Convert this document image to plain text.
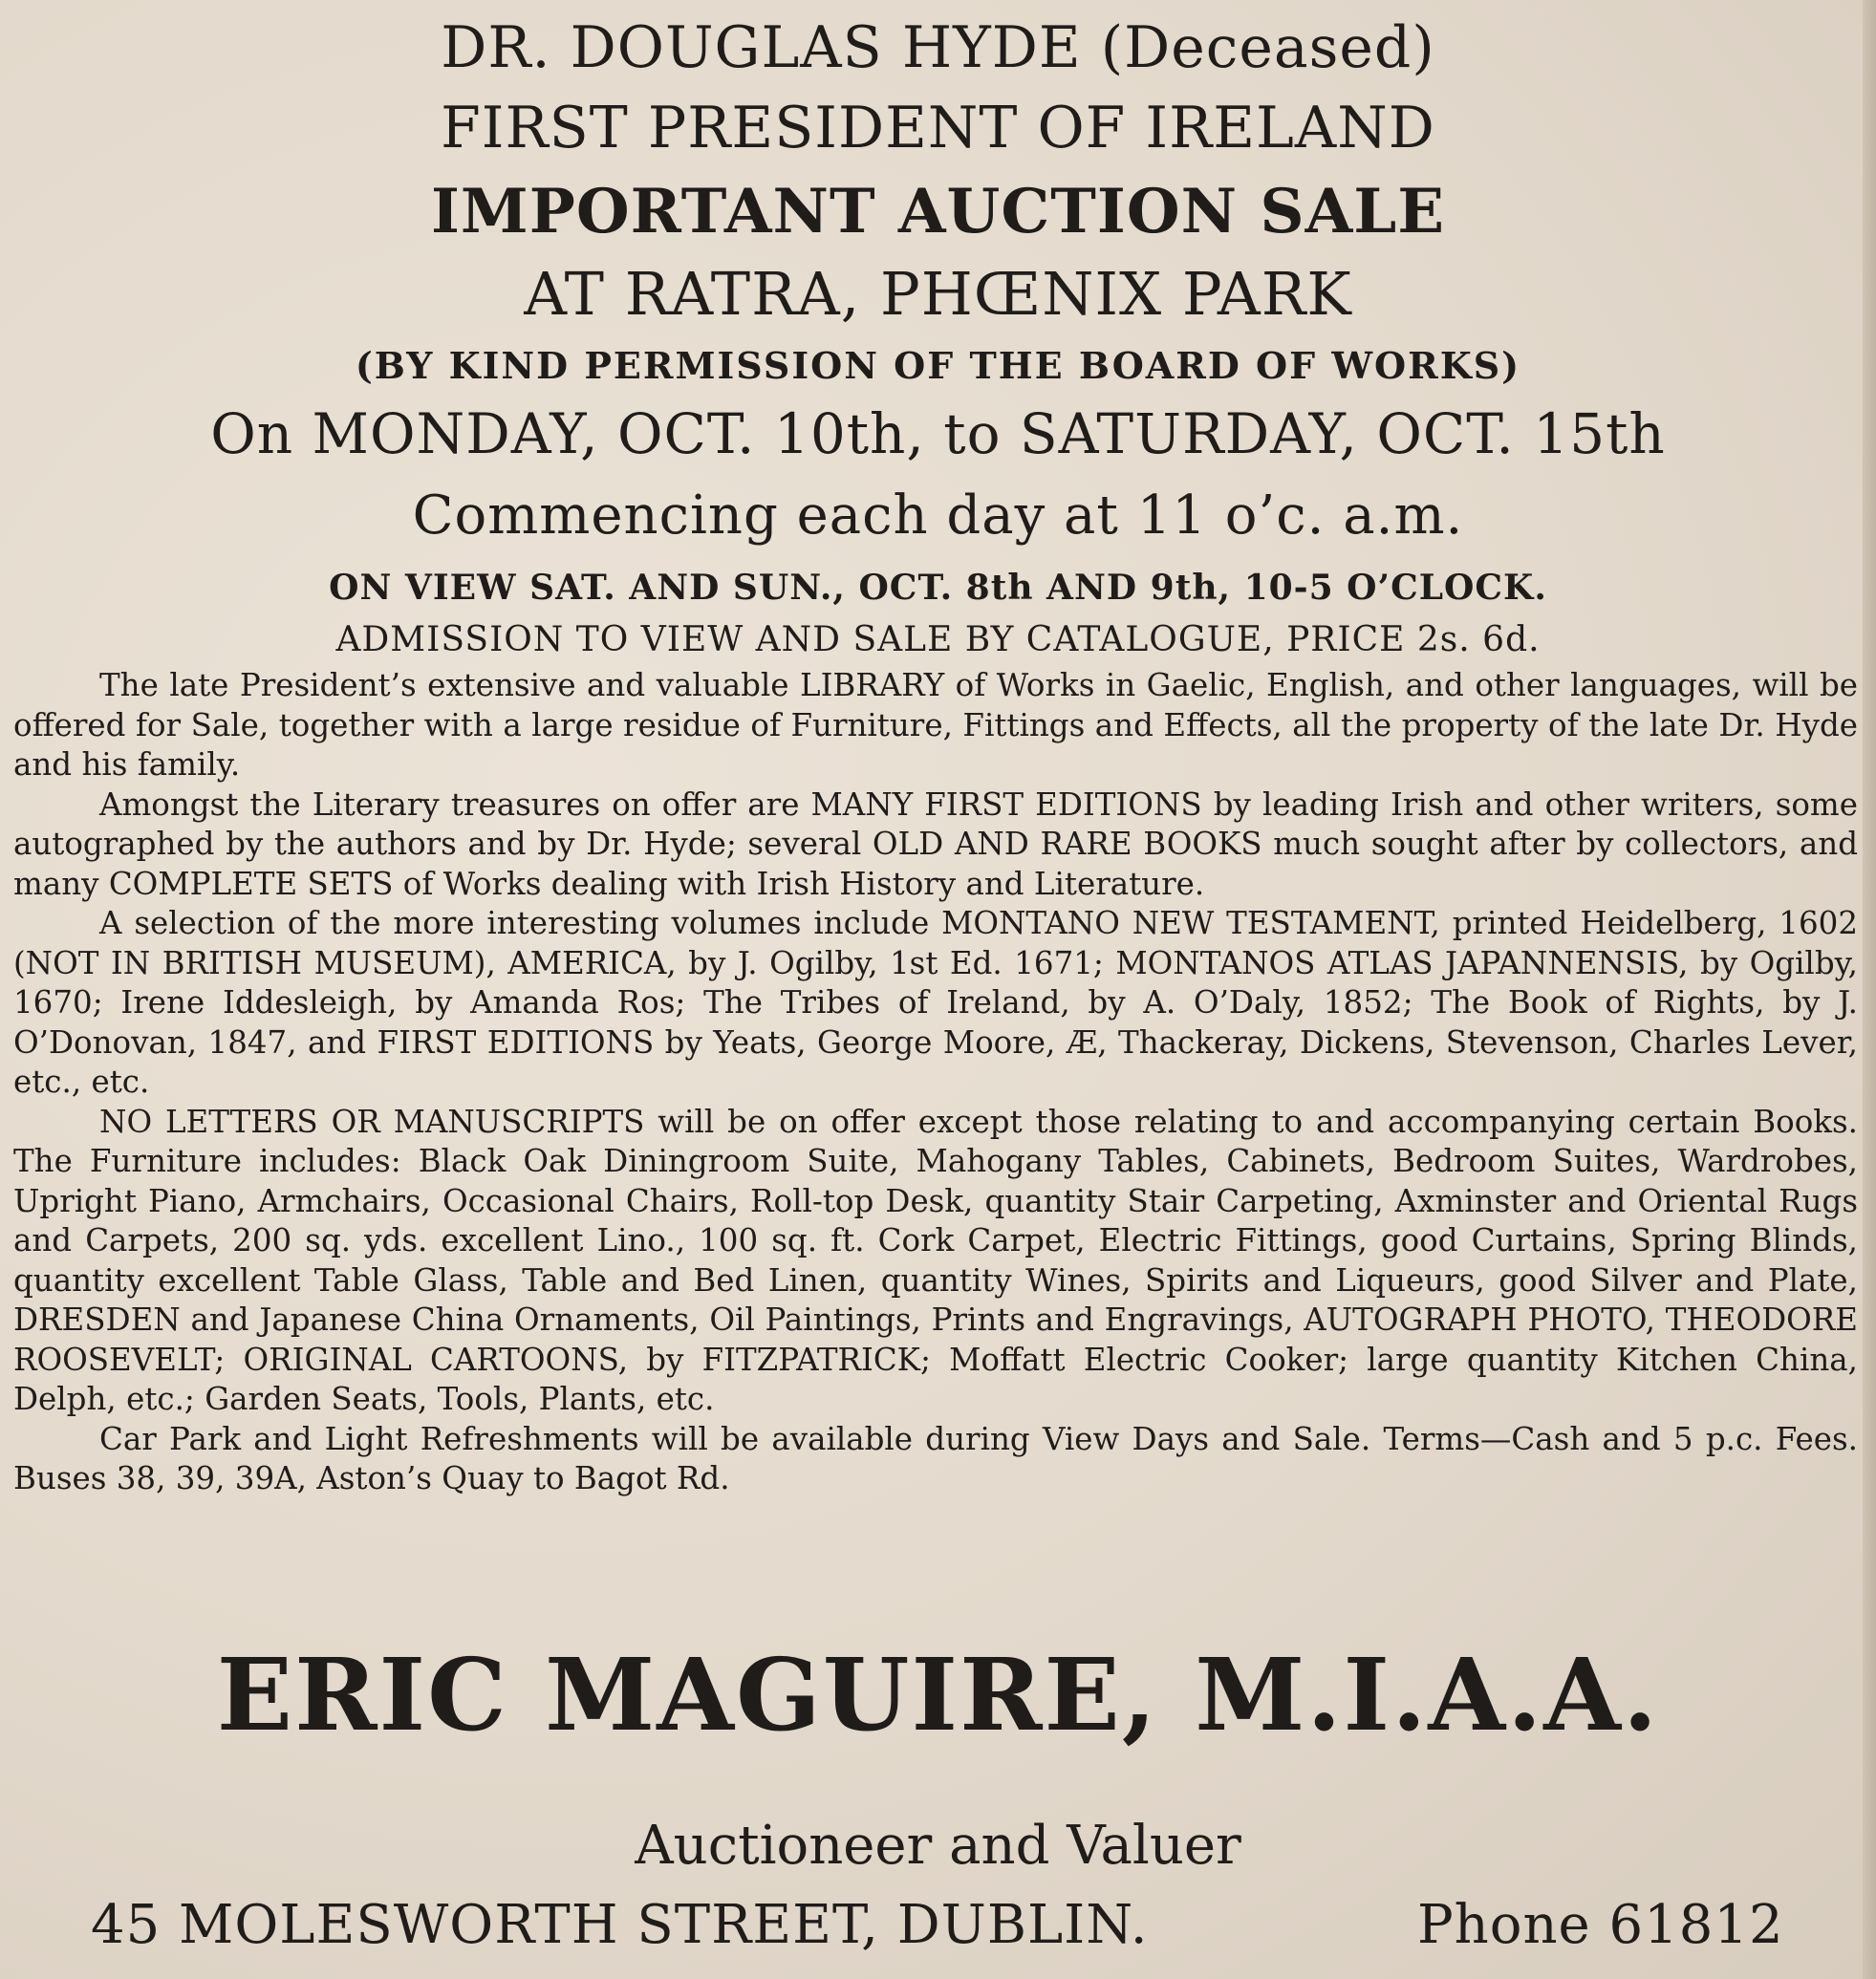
DR. DOUGLAS HYDE (Deceased)
FIRST PRESIDENT OF IRELAND
IMPORTANT AUCTION SALE
AT RATRA, PHŒNIX PARK
(BY KIND PERMISSION OF THE BOARD OF WORKS)
On MONDAY, OCT. 10th, to SATURDAY, OCT. 15th
Commencing each day at 11 o’c. a.m.
ON VIEW SAT. AND SUN., OCT. 8th AND 9th, 10-5 O’CLOCK.
ADMISSION TO VIEW AND SALE BY CATALOGUE, PRICE 2s. 6d.

The late President’s extensive and valuable LIBRARY of Works in Gaelic, English, and other languages, will be offered for Sale, together with a large residue of Furniture, Fittings and Effects, all the property of the late Dr. Hyde and his family.

Amongst the Literary treasures on offer are MANY FIRST EDITIONS by leading Irish and other writers, some autographed by the authors and by Dr. Hyde; several OLD AND RARE BOOKS much sought after by collectors, and many COMPLETE SETS of Works dealing with Irish History and Literature.

A selection of the more interesting volumes include MONTANO NEW TESTAMENT, printed Heidelberg, 1602 (NOT IN BRITISH MUSEUM), AMERICA, by J. Ogilby, 1st Ed. 1671; MONTANOS ATLAS JAPANNENSIS, by Ogilby, 1670; Irene Iddesleigh, by Amanda Ros; The Tribes of Ireland, by A. O’Daly, 1852; The Book of Rights, by J. O’Donovan, 1847, and FIRST EDITIONS by Yeats, George Moore, Æ, Thackeray, Dickens, Stevenson, Charles Lever, etc., etc.

NO LETTERS OR MANUSCRIPTS will be on offer except those relating to and accompanying certain Books. The Furniture includes: Black Oak Diningroom Suite, Mahogany Tables, Cabinets, Bedroom Suites, Wardrobes, Upright Piano, Armchairs, Occasional Chairs, Roll-top Desk, quantity Stair Carpeting, Axminster and Oriental Rugs and Carpets, 200 sq. yds. excellent Lino., 100 sq. ft. Cork Carpet, Electric Fittings, good Curtains, Spring Blinds, quantity excellent Table Glass, Table and Bed Linen, quantity Wines, Spirits and Liqueurs, good Silver and Plate, DRESDEN and Japanese China Ornaments, Oil Paintings, Prints and Engravings, AUTOGRAPH PHOTO, THEODORE ROOSEVELT; ORIGINAL CARTOONS, by FITZPATRICK; Moffatt Electric Cooker; large quantity Kitchen China, Delph, etc.; Garden Seats, Tools, Plants, etc.

Car Park and Light Refreshments will be available during View Days and Sale. Terms—Cash and 5 p.c. Fees. Buses 38, 39, 39A, Aston’s Quay to Bagot Rd.

ERIC MAGUIRE, M.I.A.A.
Auctioneer and Valuer
45 MOLESWORTH STREET, DUBLIN.	Phone 61812
